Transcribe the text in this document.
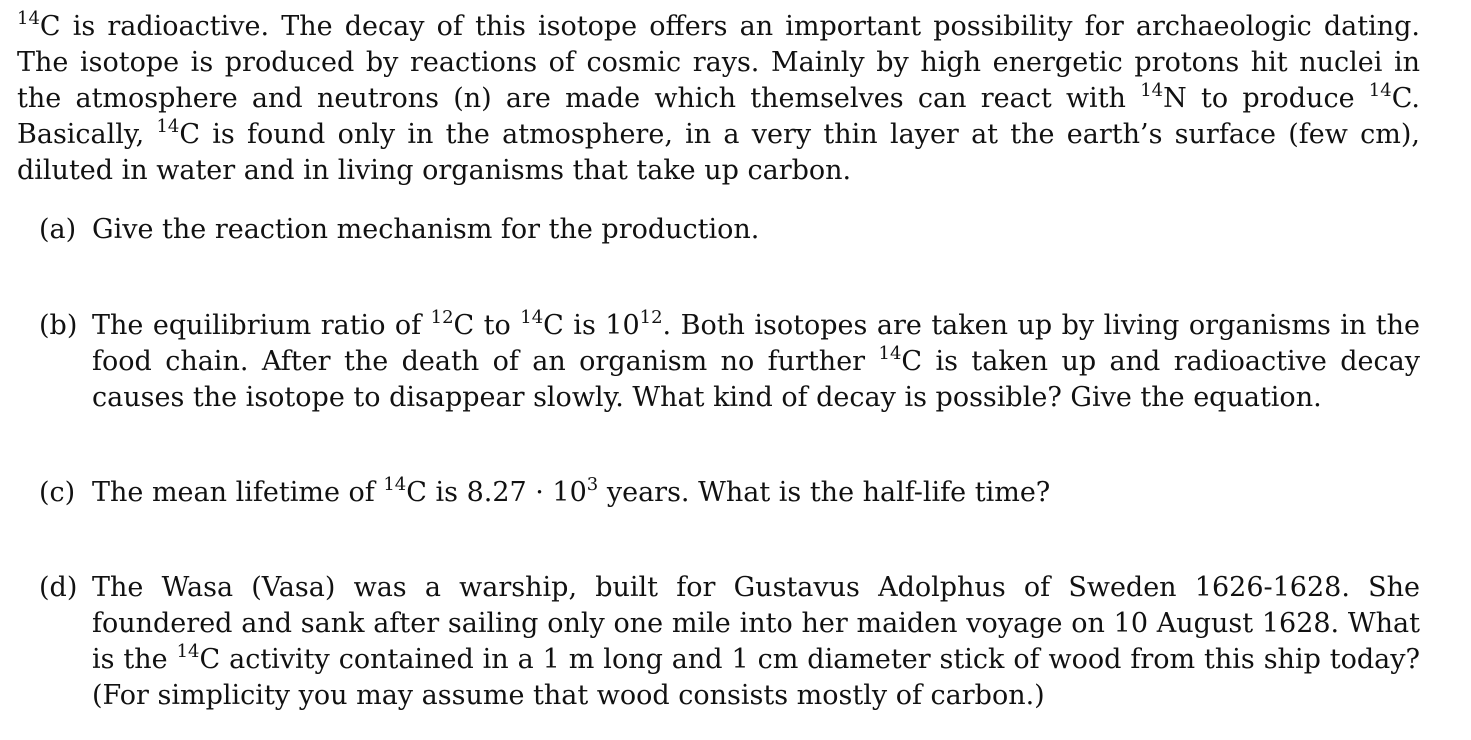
$^{14}$C is radioactive. The decay of this isotope offers an important possibility for archaeologic dating. The isotope is produced by reactions of cosmic rays. Mainly by high energetic protons hit nuclei in the atmosphere and neutrons (n) are made which themselves can react with $^{14}$N to produce $^{14}$C. Basically, $^{14}$C is found only in the atmosphere, in a very thin layer at the earth’s surface (few cm), diluted in water and in living organisms that take up carbon.

(a) Give the reaction mechanism for the production.
(b) The equilibrium ratio of $^{12}$C to $^{14}$C is $10^{12}$. Both isotopes are taken up by living organisms in the food chain. After the death of an organism no further $^{14}$C is taken up and radioactive decay causes the isotope to disappear slowly. What kind of decay is possible? Give the equation.
(c) The mean lifetime of $^{14}$C is $8.27 \cdot 10^3$ years. What is the half-life time?
(d) The Wasa (Vasa) was a warship, built for Gustavus Adolphus of Sweden 1626-1628. She foundered and sank after sailing only one mile into her maiden voyage on 10 August 1628. What is the $^{14}$C activity contained in a 1 m long and 1 cm diameter stick of wood from this ship today? (For simplicity you may assume that wood consists mostly of carbon.)
